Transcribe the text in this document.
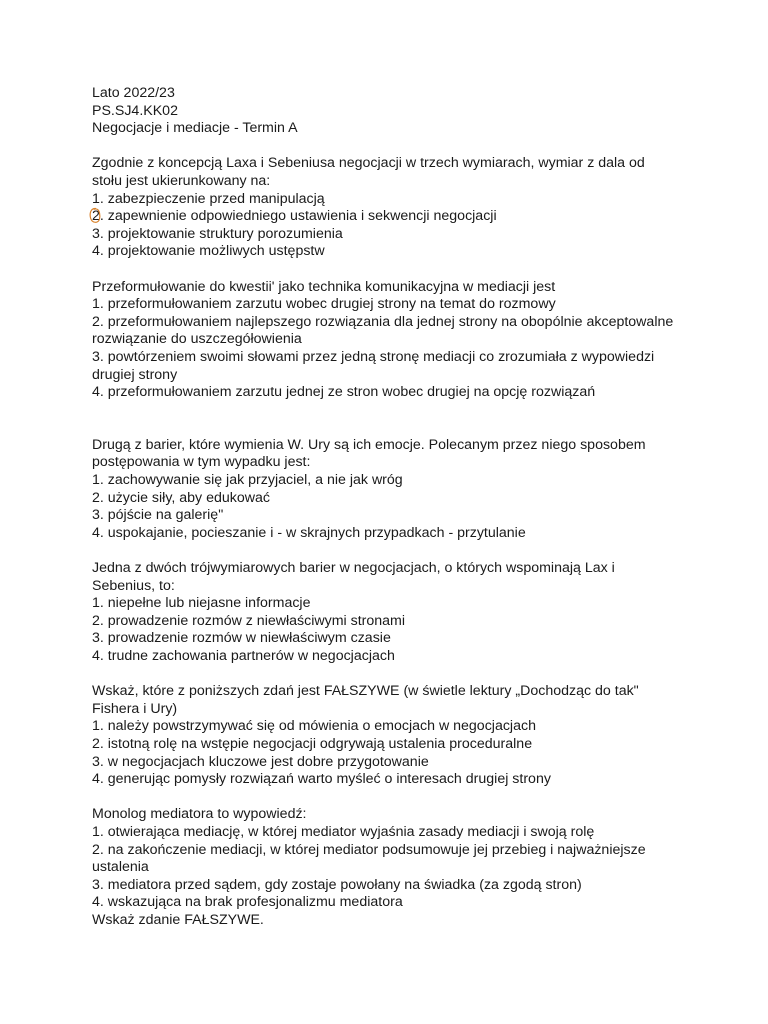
Lato 2022/23
PS.SJ4.KK02
Negocjacje i mediacje - Termin A
Zgodnie z koncepcją Laxa i Sebeniusa negocjacji w trzech wymiarach, wymiar z dala od
stołu jest ukierunkowany na:
1. zabezpieczenie przed manipulacją
2. zapewnienie odpowiedniego ustawienia i sekwencji negocjacji
3. projektowanie struktury porozumienia
4. projektowanie możliwych ustępstw
Przeformułowanie do kwestii' jako technika komunikacyjna w mediacji jest
1. przeformułowaniem zarzutu wobec drugiej strony na temat do rozmowy
2. przeformułowaniem najlepszego rozwiązania dla jednej strony na obopólnie akceptowalne
rozwiązanie do uszczegółowienia
3. powtórzeniem swoimi słowami przez jedną stronę mediacji co zrozumiała z wypowiedzi
drugiej strony
4. przeformułowaniem zarzutu jednej ze stron wobec drugiej na opcję rozwiązań
Drugą z barier, które wymienia W. Ury są ich emocje. Polecanym przez niego sposobem
postępowania w tym wypadku jest:
1. zachowywanie się jak przyjaciel, a nie jak wróg
2. użycie siły, aby edukować
3. pójście na galerię"
4. uspokajanie, pocieszanie i - w skrajnych przypadkach - przytulanie
Jedna z dwóch trójwymiarowych barier w negocjacjach, o których wspominają Lax i
Sebenius, to:
1. niepełne lub niejasne informacje
2. prowadzenie rozmów z niewłaściwymi stronami
3. prowadzenie rozmów w niewłaściwym czasie
4. trudne zachowania partnerów w negocjacjach
Wskaż, które z poniższych zdań jest FAŁSZYWE (w świetle lektury „Dochodząc do tak"
Fishera i Ury)
1. należy powstrzymywać się od mówienia o emocjach w negocjacjach
2. istotną rolę na wstępie negocjacji odgrywają ustalenia proceduralne
3. w negocjacjach kluczowe jest dobre przygotowanie
4. generując pomysły rozwiązań warto myśleć o interesach drugiej strony
Monolog mediatora to wypowiedź:
1. otwierająca mediację, w której mediator wyjaśnia zasady mediacji i swoją rolę
2. na zakończenie mediacji, w której mediator podsumowuje jej przebieg i najważniejsze
ustalenia
3. mediatora przed sądem, gdy zostaje powołany na świadka (za zgodą stron)
4. wskazująca na brak profesjonalizmu mediatora
Wskaż zdanie FAŁSZYWE.
